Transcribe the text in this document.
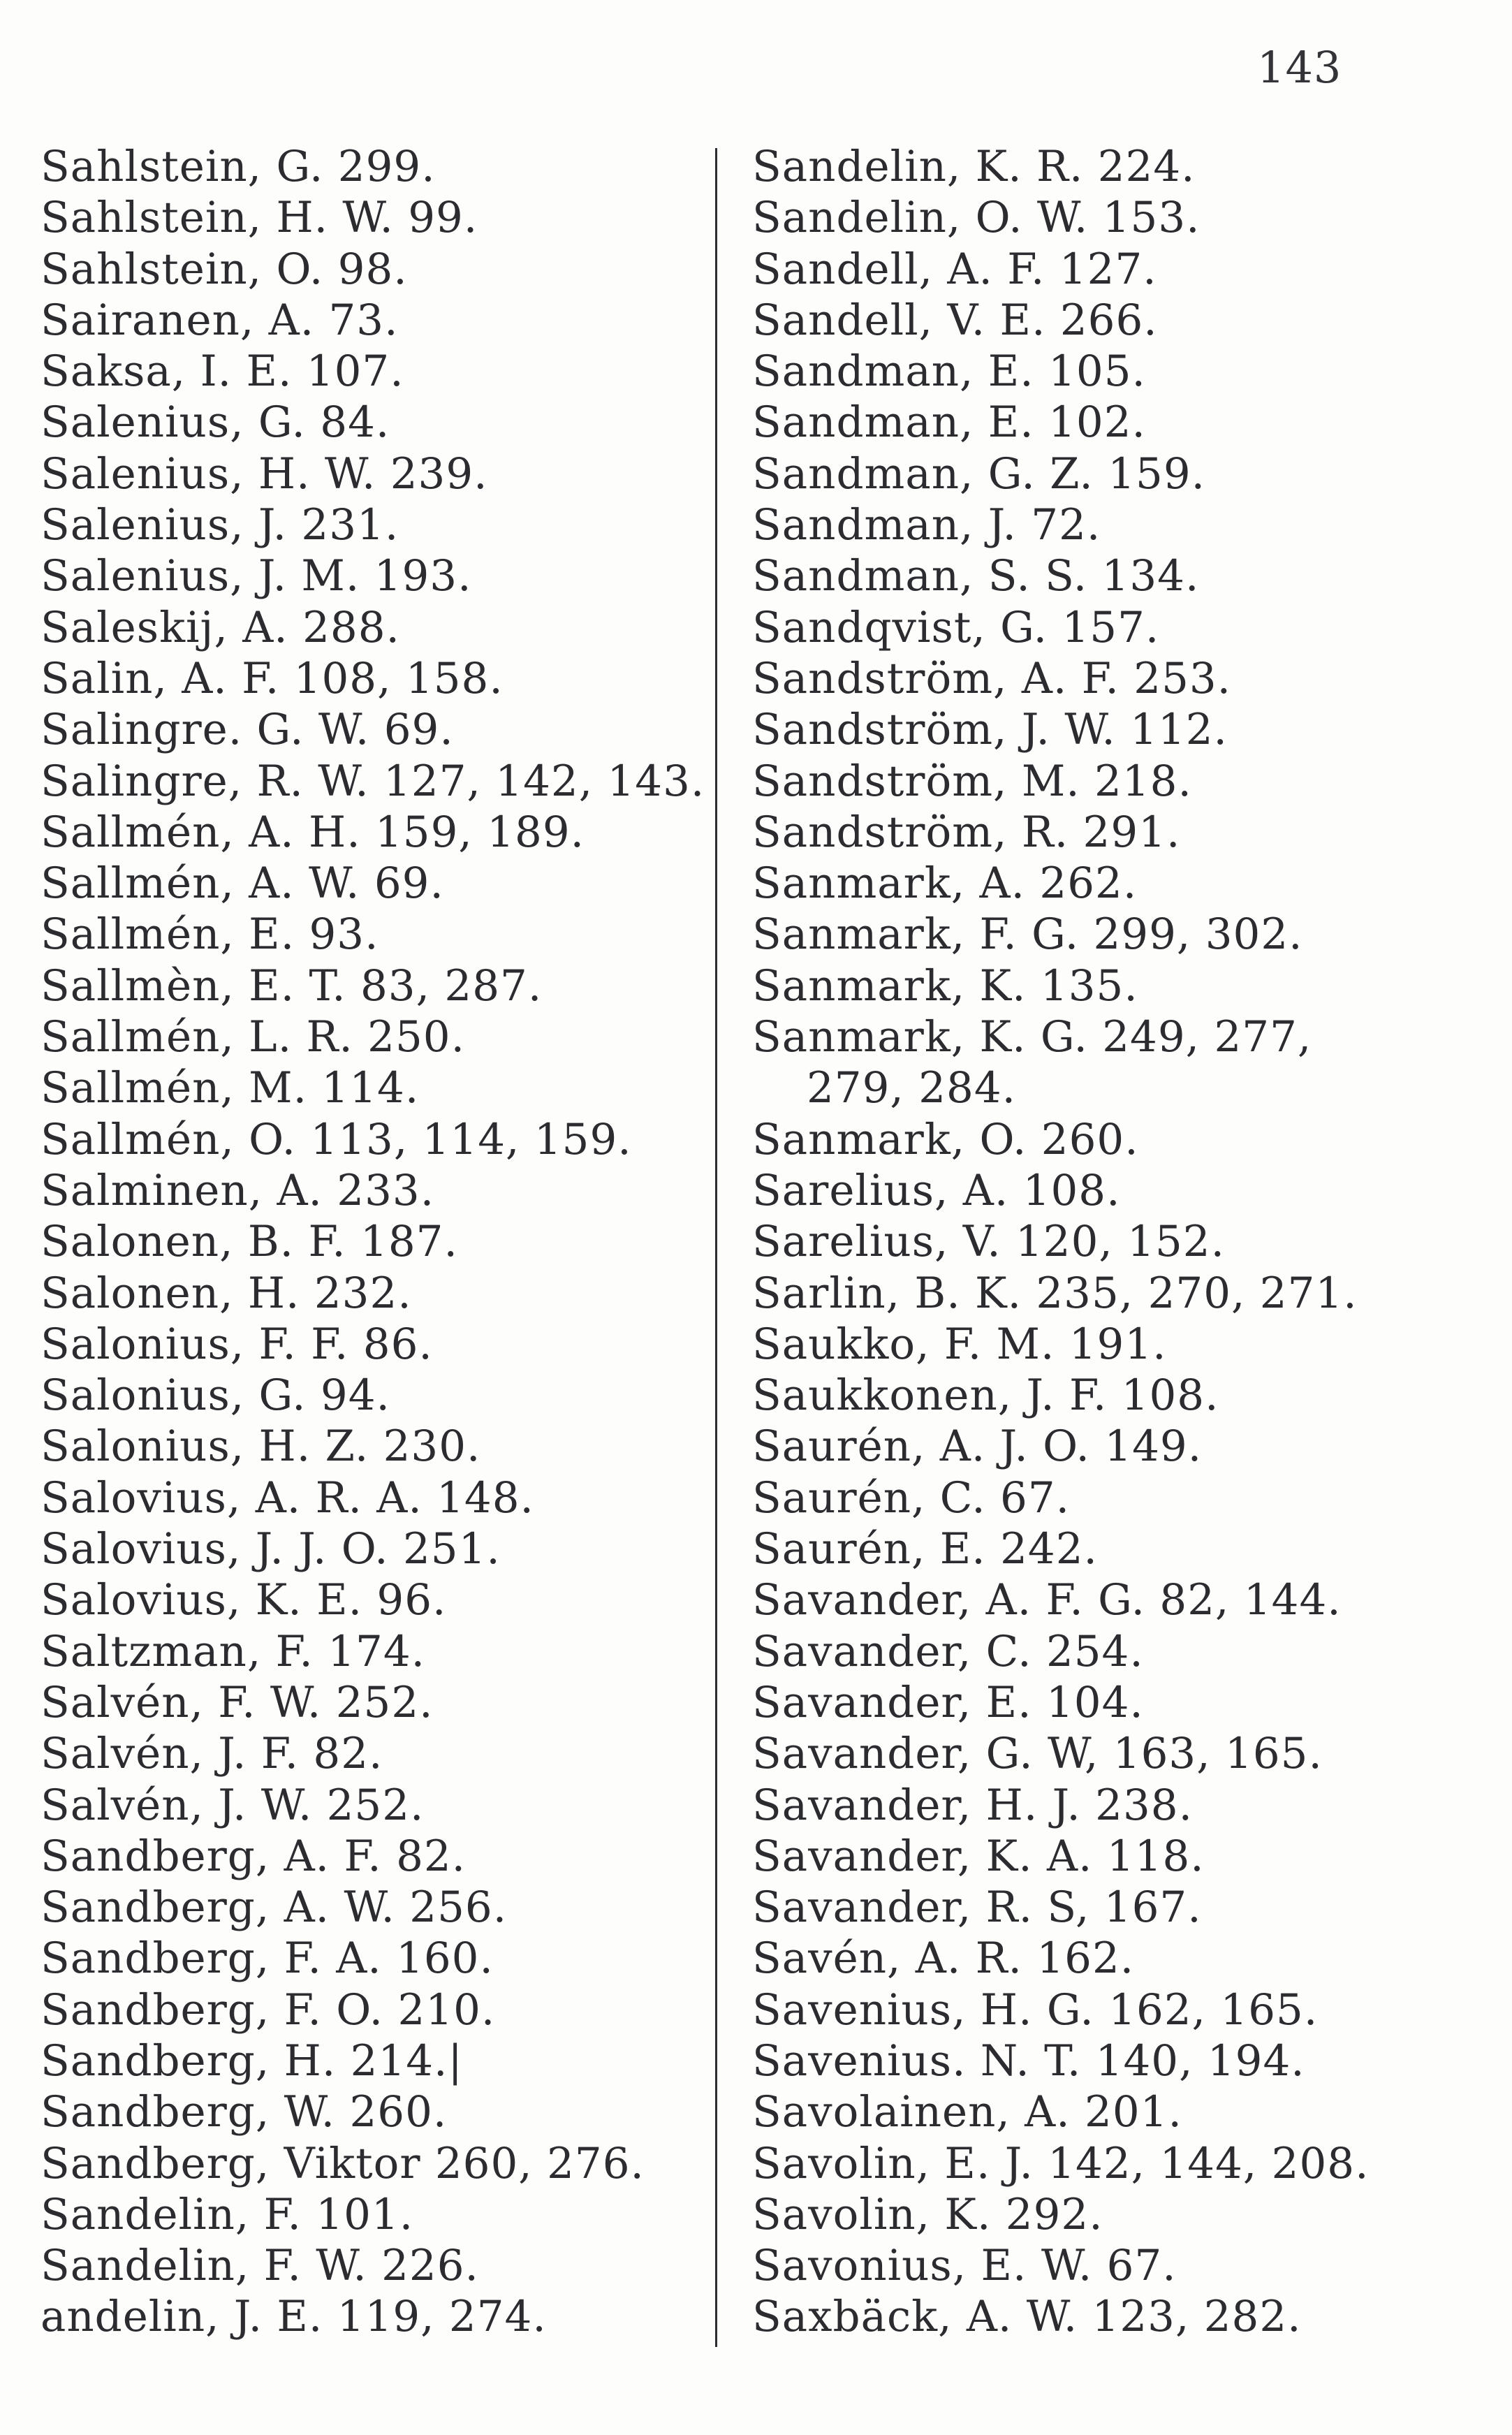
143
Sahlstein, G. 299.
Sahlstein, H. W. 99.
Sahlstein, O. 98.
Sairanen, A. 73.
Saksa, I. E. 107.
Salenius, G. 84.
Salenius, H. W. 239.
Salenius, J. 231.
Salenius, J. M. 193.
Saleskij, A. 288.
Salin, A. F. 108, 158.
Salingre. G. W. 69.
Salingre, R. W. 127, 142, 143.
Sallmén, A. H. 159, 189.
Sallmén, A. W. 69.
Sallmén, E. 93.
Sallmèn, E. T. 83, 287.
Sallmén, L. R. 250.
Sallmén, M. 114.
Sallmén, O. 113, 114, 159.
Salminen, A. 233.
Salonen, B. F. 187.
Salonen, H. 232.
Salonius, F. F. 86.
Salonius, G. 94.
Salonius, H. Z. 230.
Salovius, A. R. A. 148.
Salovius, J. J. O. 251.
Salovius, K. E. 96.
Saltzman, F. 174.
Salvén, F. W. 252.
Salvén, J. F. 82.
Salvén, J. W. 252.
Sandberg, A. F. 82.
Sandberg, A. W. 256.
Sandberg, F. A. 160.
Sandberg, F. O. 210.
Sandberg, H. 214.|
Sandberg, W. 260.
Sandberg, Viktor 260, 276.
Sandelin, F. 101.
Sandelin, F. W. 226.
andelin, J. E. 119, 274.
Sandelin, K. R. 224.
Sandelin, O. W. 153.
Sandell, A. F. 127.
Sandell, V. E. 266.
Sandman, E. 105.
Sandman, E. 102.
Sandman, G. Z. 159.
Sandman, J. 72.
Sandman, S. S. 134.
Sandqvist, G. 157.
Sandström, A. F. 253.
Sandström, J. W. 112.
Sandström, M. 218.
Sandström, R. 291.
Sanmark, A. 262.
Sanmark, F. G. 299, 302.
Sanmark, K. 135.
Sanmark, K. G. 249, 277,
279, 284.
Sanmark, O. 260.
Sarelius, A. 108.
Sarelius, V. 120, 152.
Sarlin, B. K. 235, 270, 271.
Saukko, F. M. 191.
Saukkonen, J. F. 108.
Saurén, A. J. O. 149.
Saurén, C. 67.
Saurén, E. 242.
Savander, A. F. G. 82, 144.
Savander, C. 254.
Savander, E. 104.
Savander, G. W, 163, 165.
Savander, H. J. 238.
Savander, K. A. 118.
Savander, R. S, 167.
Savén, A. R. 162.
Savenius, H. G. 162, 165.
Savenius. N. T. 140, 194.
Savolainen, A. 201.
Savolin, E. J. 142, 144, 208.
Savolin, K. 292.
Savonius, E. W. 67.
Saxbäck, A. W. 123, 282.
